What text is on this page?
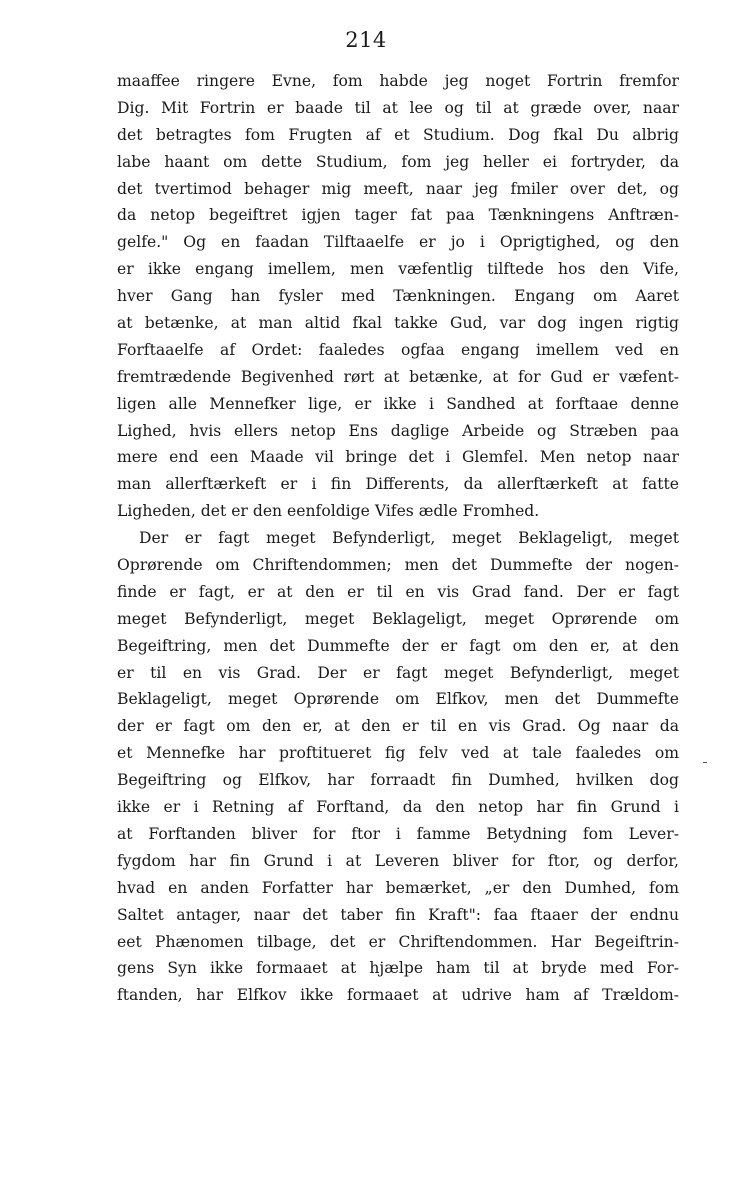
214
maaffee ringere Evne, fom habde jeg noget Fortrin fremfor
Dig. Mit Fortrin er baade til at lee og til at græde over, naar
det betragtes fom Frugten af et Studium. Dog fkal Du albrig
labe haant om dette Studium, fom jeg heller ei fortryder, da
det tvertimod behager mig meeft, naar jeg fmiler over det, og
da netop begeiftret igjen tager fat paa Tænkningens Anftræn-
gelfe." Og en faadan Tilftaaelfe er jo i Oprigtighed, og den
er ikke engang imellem, men væfentlig tilftede hos den Vife,
hver Gang han fysler med Tænkningen. Engang om Aaret
at betænke, at man altid fkal takke Gud, var dog ingen rigtig
Forftaaelfe af Ordet: faaledes ogfaa engang imellem ved en
fremtrædende Begivenhed rørt at betænke, at for Gud er væfent-
ligen alle Mennefker lige, er ikke i Sandhed at forftaae denne
Lighed, hvis ellers netop Ens daglige Arbeide og Stræben paa
mere end een Maade vil bringe det i Glemfel. Men netop naar
man allerftærkeft er i fin Differents, da allerftærkeft at fatte
Ligheden, det er den eenfoldige Vifes ædle Fromhed.
Der er fagt meget Befynderligt, meget Beklageligt, meget
Oprørende om Chriftendommen; men det Dummefte der nogen-
finde er fagt, er at den er til en vis Grad fand. Der er fagt
meget Befynderligt, meget Beklageligt, meget Oprørende om
Begeiftring, men det Dummefte der er fagt om den er, at den
er til en vis Grad. Der er fagt meget Befynderligt, meget
Beklageligt, meget Oprørende om Elfkov, men det Dummefte
der er fagt om den er, at den er til en vis Grad. Og naar da
et Mennefke har proftitueret fig felv ved at tale faaledes om
Begeiftring og Elfkov, har forraadt fin Dumhed, hvilken dog
ikke er i Retning af Forftand, da den netop har fin Grund i
at Forftanden bliver for ftor i famme Betydning fom Lever-
fygdom har fin Grund i at Leveren bliver for ftor, og derfor,
hvad en anden Forfatter har bemærket, „er den Dumhed, fom
Saltet antager, naar det taber fin Kraft": faa ftaaer der endnu
eet Phænomen tilbage, det er Chriftendommen. Har Begeiftrin-
gens Syn ikke formaaet at hjælpe ham til at bryde med For-
ftanden, har Elfkov ikke formaaet at udrive ham af Trældom-
